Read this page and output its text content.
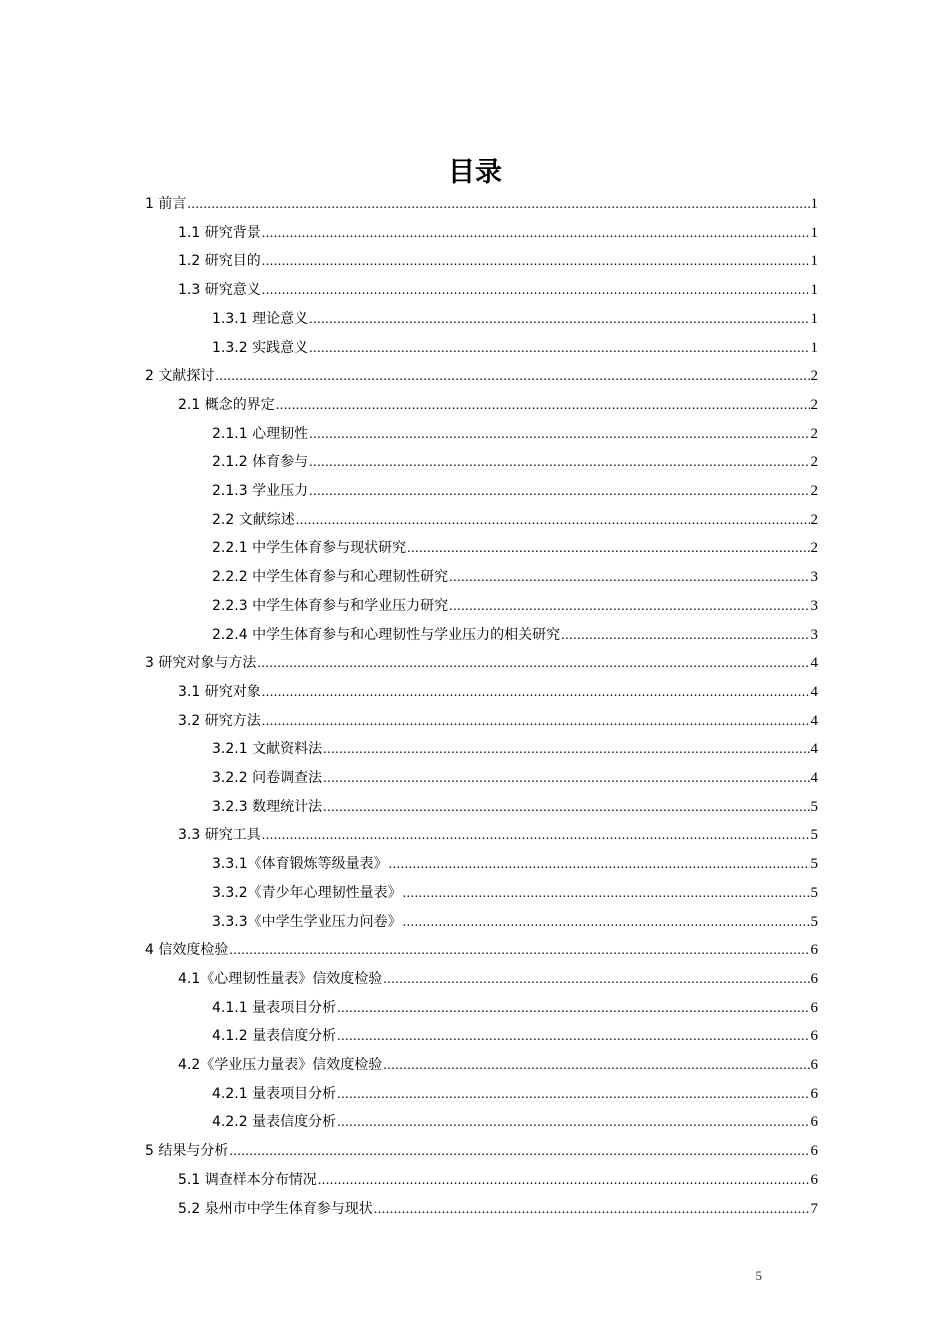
目录
1 前言 .....	1
1.1 研究背景 .....	1
1.2 研究目的 .....	1
1.3 研究意义 .....	1
1.3.1 理论意义 .....	1
1.3.2 实践意义 .....	1
2 文献探讨 .....	2
2.1 概念的界定 .....	2
2.1.1 心理韧性 .....	2
2.1.2 体育参与 .....	2
2.1.3 学业压力 .....	2
2.2 文献综述 .....	2
2.2.1 中学生体育参与现状研究 .....	2
2.2.2 中学生体育参与和心理韧性研究 .....	3
2.2.3 中学生体育参与和学业压力研究 .....	3
2.2.4 中学生体育参与和心理韧性与学业压力的相关研究 .....	3
3 研究对象与方法 .....	4
3.1 研究对象 .....	4
3.2 研究方法 .....	4
3.2.1 文献资料法 .....	4
3.2.2 问卷调查法 .....	4
3.2.3 数理统计法 .....	5
3.3 研究工具 .....	5
3.3.1《体育锻炼等级量表》 .....	5
3.3.2《青少年心理韧性量表》 .....	5
3.3.3《中学生学业压力问卷》 .....	5
4 信效度检验 .....	6
4.1《心理韧性量表》信效度检验 .....	6
4.1.1 量表项目分析 .....	6
4.1.2 量表信度分析 .....	6
4.2《学业压力量表》信效度检验 .....	6
4.2.1 量表项目分析 .....	6
4.2.2 量表信度分析 .....	6
5 结果与分析 .....	6
5.1 调查样本分布情况 .....	6
5.2 泉州市中学生体育参与现状 .....	7
5
